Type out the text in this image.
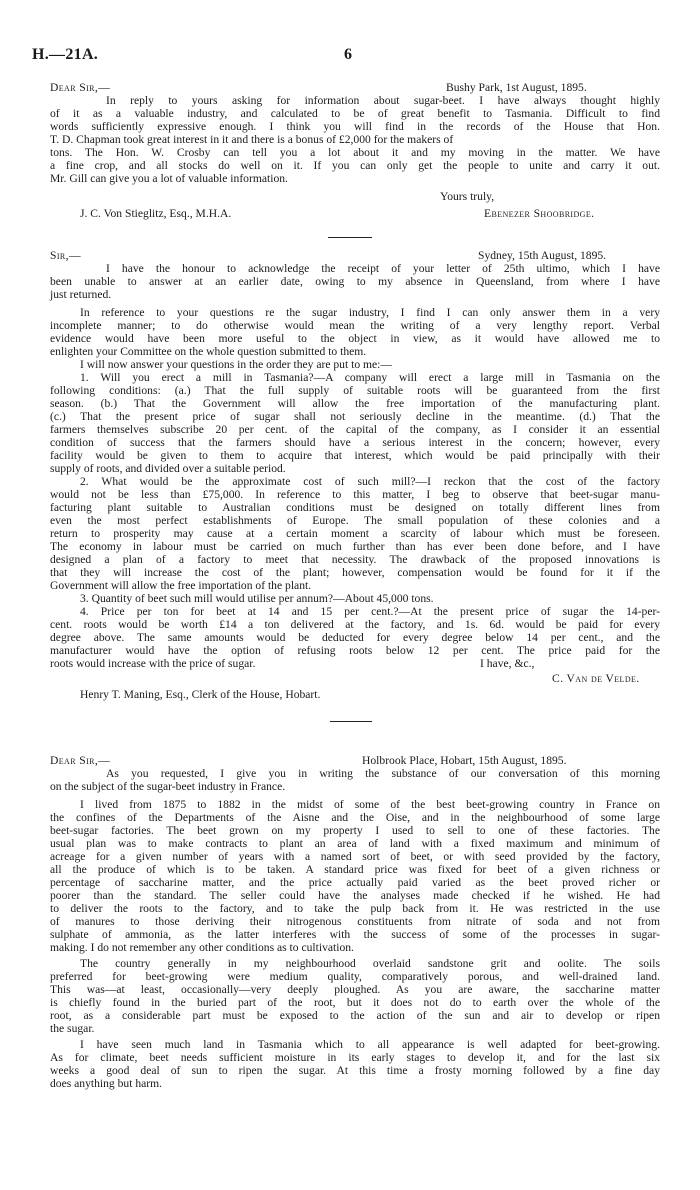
H.—21A.	6
Dear Sir,—	Bushy Park, 1st August, 1895.
In reply to yours asking for information about sugar-beet. I have always thought highly
of it as a valuable industry, and calculated to be of great benefit to Tasmania. Difficult to find
words sufficiently expressive enough. I think you will find in the records of the House that Hon.
T. D. Chapman took great interest in it and there is a bonus of £2,000 for the makers of
tons. The Hon. W. Crosby can tell you a lot about it and my moving in the matter. We have
a fine crop, and all stocks do well on it. If you can only get the people to unite and carry it out.
Mr. Gill can give you a lot of valuable information.
Yours truly,
J. C. Von Stieglitz, Esq., M.H.A.	Ebenezer Shoobridge.
Sir,—	Sydney, 15th August, 1895.
I have the honour to acknowledge the receipt of your letter of 25th ultimo, which I have
been unable to answer at an earlier date, owing to my absence in Queensland, from where I have
just returned.
In reference to your questions re the sugar industry, I find I can only answer them in a very
incomplete manner; to do otherwise would mean the writing of a very lengthy report. Verbal
evidence would have been more useful to the object in view, as it would have allowed me to
enlighten your Committee on the whole question submitted to them.
I will now answer your questions in the order they are put to me:—
1. Will you erect a mill in Tasmania?—A company will erect a large mill in Tasmania on the
following conditions: (a.) That the full supply of suitable roots will be guaranteed from the first
season. (b.) That the Government will allow the free importation of the manufacturing plant.
(c.) That the present price of sugar shall not seriously decline in the meantime. (d.) That the
farmers themselves subscribe 20 per cent. of the capital of the company, as I consider it an essential
condition of success that the farmers should have a serious interest in the concern; however, every
facility would be given to them to acquire that interest, which would be paid principally with their
supply of roots, and divided over a suitable period.
2. What would be the approximate cost of such mill?—I reckon that the cost of the factory
would not be less than £75,000. In reference to this matter, I beg to observe that beet-sugar manu-
facturing plant suitable to Australian conditions must be designed on totally different lines from
even the most perfect establishments of Europe. The small population of these colonies and a
return to prosperity may cause at a certain moment a scarcity of labour which must be foreseen.
The economy in labour must be carried on much further than has ever been done before, and I have
designed a plan of a factory to meet that necessity. The drawback of the proposed innovations is
that they will increase the cost of the plant; however, compensation would be found for it if the
Government will allow the free importation of the plant.
3. Quantity of beet such mill would utilise per annum?—About 45,000 tons.
4. Price per ton for beet at 14 and 15 per cent.?—At the present price of sugar the 14-per-
cent. roots would be worth £14 a ton delivered at the factory, and 1s. 6d. would be paid for every
degree above. The same amounts would be deducted for every degree below 14 per cent., and the
manufacturer would have the option of refusing roots below 12 per cent. The price paid for the
roots would increase with the price of sugar.	I have, &c.,
C. Van de Velde.
Henry T. Maning, Esq., Clerk of the House, Hobart.
Dear Sir,—	Holbrook Place, Hobart, 15th August, 1895.
As you requested, I give you in writing the substance of our conversation of this morning
on the subject of the sugar-beet industry in France.
I lived from 1875 to 1882 in the midst of some of the best beet-growing country in France on
the confines of the Departments of the Aisne and the Oise, and in the neighbourhood of some large
beet-sugar factories. The beet grown on my property I used to sell to one of these factories. The
usual plan was to make contracts to plant an area of land with a fixed maximum and minimum of
acreage for a given number of years with a named sort of beet, or with seed provided by the factory,
all the produce of which is to be taken. A standard price was fixed for beet of a given richness or
percentage of saccharine matter, and the price actually paid varied as the beet proved richer or
poorer than the standard. The seller could have the analyses made checked if he wished. He had
to deliver the roots to the factory, and to take the pulp back from it. He was restricted in the use
of manures to those deriving their nitrogenous constituents from nitrate of soda and not from
sulphate of ammonia, as the latter interferes with the success of some of the processes in sugar-
making. I do not remember any other conditions as to cultivation.
The country generally in my neighbourhood overlaid sandstone grit and oolite. The soils
preferred for beet-growing were medium quality, comparatively porous, and well-drained land.
This was—at least, occasionally—very deeply ploughed. As you are aware, the saccharine matter
is chiefly found in the buried part of the root, but it does not do to earth over the whole of the
root, as a considerable part must be exposed to the action of the sun and air to develop or ripen
the sugar.
I have seen much land in Tasmania which to all appearance is well adapted for beet-growing.
As for climate, beet needs sufficient moisture in its early stages to develop it, and for the last six
weeks a good deal of sun to ripen the sugar. At this time a frosty morning followed by a fine day
does anything but harm.
